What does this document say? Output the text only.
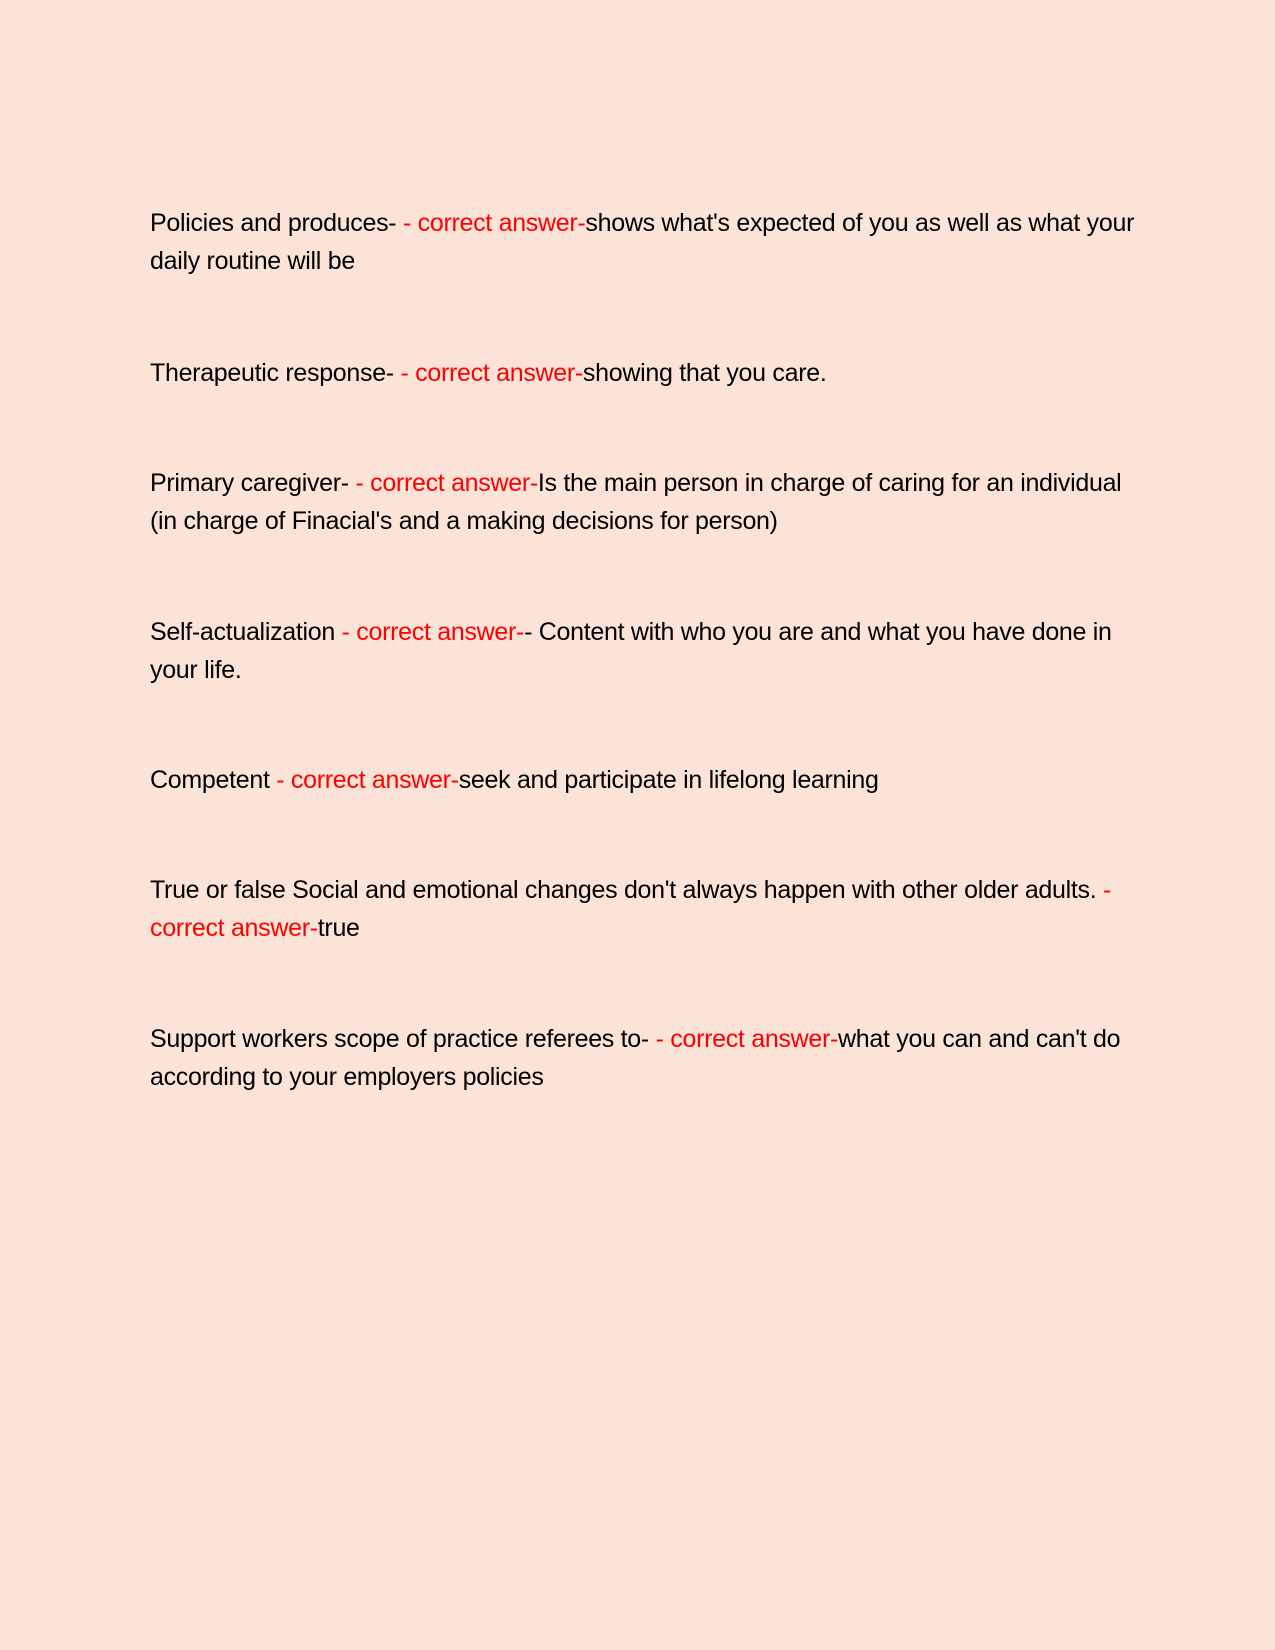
Policies and produces- - correct answer-shows what's expected of you as well as what your daily routine will be

Therapeutic response- - correct answer-showing that you care.

Primary caregiver- - correct answer-Is the main person in charge of caring for an individual (in charge of Finacial's and a making decisions for person)

Self-actualization - correct answer-- Content with who you are and what you have done in your life.

Competent - correct answer-seek and participate in lifelong learning

True or false Social and emotional changes don't always happen with other older adults. - correct answer-true

Support workers scope of practice referees to- - correct answer-what you can and can't do according to your employers policies
